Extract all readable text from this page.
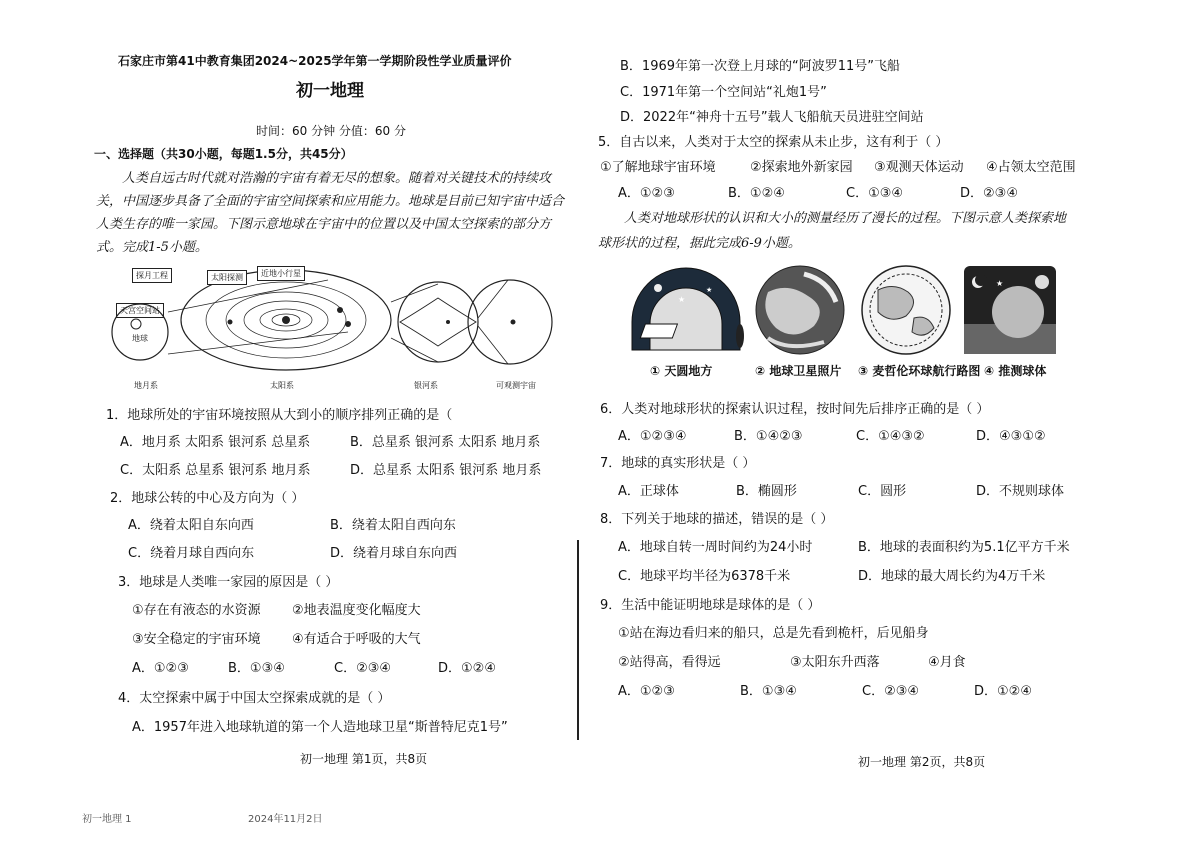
石家庄市第41中教育集团2024~2025学年第一学期阶段性学业质量评价
初一地理
时间：60 分钟 分值：60 分
一、选择题（共30小题，每题1.5分，共45分）
人类自远古时代就对浩瀚的宇宙有着无尽的想象。随着对关键技术的持续攻
关，中国逐步具备了全面的宇宙空间探索和应用能力。地球是目前已知宇宙中适合
人类生存的唯一家园。下图示意地球在宇宙中的位置以及中国太空探索的部分方
式。完成1-5小题。
探月工程
天宫空间站
地球
太阳探测	近地小行星
地月系	太阳系	银河系	可观测宇宙
1．地球所处的宇宙环境按照从大到小的顺序排列正确的是（
A．地月系 太阳系 银河系 总星系	B．总星系 银河系 太阳系 地月系
C．太阳系 总星系 银河系 地月系	D．总星系 太阳系 银河系 地月系
2．地球公转的中心及方向为（ ）
A．绕着太阳自东向西	B．绕着太阳自西向东
C．绕着月球自西向东	D．绕着月球自东向西
3．地球是人类唯一家园的原因是（ ）
①存在有液态的水资源 ②地表温度变化幅度大
③安全稳定的宇宙环境 ④有适合于呼吸的大气
A．①②③	B．①③④	C．②③④	D．①②④
4．太空探索中属于中国太空探索成就的是（ ）
A．1957年进入地球轨道的第一个人造地球卫星“斯普特尼克1号”
初一地理 第1页，共8页
初一地理 1	2024年11月2日
B．1969年第一次登上月球的“阿波罗11号”飞船
C．1971年第一个空间站“礼炮1号”
D．2022年“神舟十五号”载人飞船航天员进驻空间站
5．自古以来，人类对于太空的探索从未止步，这有利于（ ）
①了解地球宇宙环境	②探索地外新家园 ③观测天体运动 ④占领太空范围
A．①②③	B．①②④	C．①③④	D．②③④
人类对地球形状的认识和大小的测量经历了漫长的过程。下图示意人类探索地
球形状的过程，据此完成6-9小题。
★
★
★
① 天圆地方	② 地球卫星照片 ③ 麦哲伦环球航行路图 ④ 推测球体
6．人类对地球形状的探索认识过程，按时间先后排序正确的是（ ）
A．①②③④	B．①④②③	C．①④③②	D．④③①②
7．地球的真实形状是（ ）
A．正球体	B．椭圆形	C．圆形	D．不规则球体
8．下列关于地球的描述，错误的是（ ）
A．地球自转一周时间约为24小时	B．地球的表面积约为5.1亿平方千米
C．地球平均半径为6378千米	D．地球的最大周长约为4万千米
9．生活中能证明地球是球体的是（ ）
①站在海边看归来的船只，总是先看到桅杆，后见船身
②站得高，看得远	③太阳东升西落	④月食
A．①②③	B．①③④	C．②③④	D．①②④
初一地理 第2页，共8页
